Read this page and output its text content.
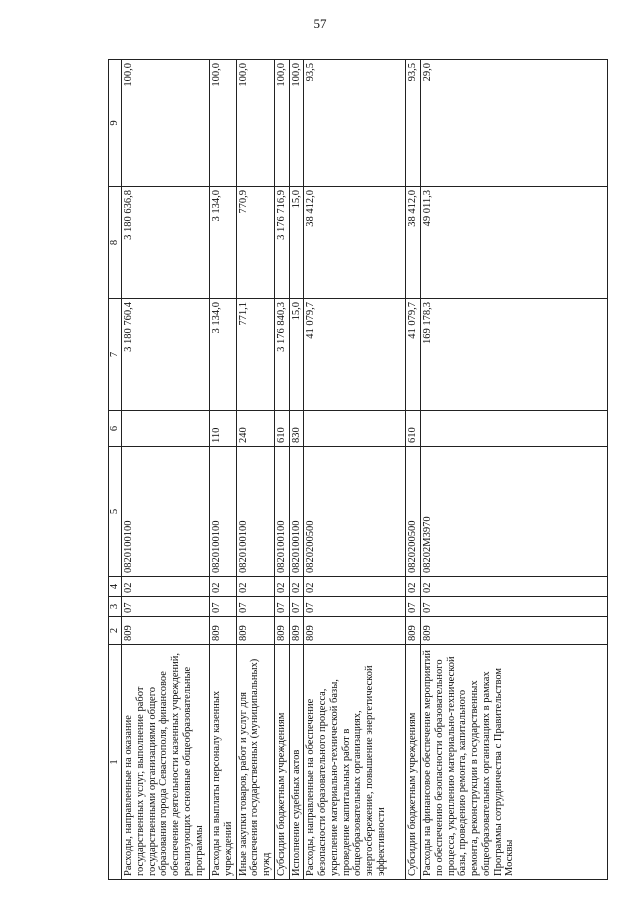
57
1	2	3	4	5	6	7	8	9
Расходы, направленные на оказание государственных услуг, выполнение работ государственными организациями общего образования города Севастополя, финансовое обеспечение деятельности казенных учреждений, реализующих основные общеобразовательные программы	809	07	02	0820100100		3 180 760,4	3 180 636,8	100,0
Расходы на выплаты персоналу казенных учреждений	809	07	02	0820100100	110	3 134,0	3 134,0	100,0
Иные закупки товаров, работ и услуг для обеспечения государственных (муниципальных) нужд	809	07	02	0820100100	240	771,1	770,9	100,0
Субсидии бюджетным учреждениям	809	07	02	0820100100	610	3 176 840,3	3 176 716,9	100,0
Исполнение судебных актов	809	07	02	0820100100	830	15,0	15,0	100,0
Расходы, направленные на обеспечение безопасности образовательного процесса, укрепление материально-технической базы, проведение капитальных работ в общеобразовательных организациях, энергосбережение, повышение энергетической эффективности	809	07	02	0820200500		41 079,7	38 412,0	93,5
Субсидии бюджетным учреждениям	809	07	02	0820200500	610	41 079,7	38 412,0	93,5
Расходы на финансовое обеспечение мероприятий по обеспечению безопасности образовательного процесса, укреплению материально-технической базы, проведению ремонта, капитального ремонта, реконструкции в государственных общеобразовательных организациях в рамках Программы сотрудничества с Правительством Москвы	809	07	02	08202М3970		169 178,3	49 011,3	29,0
